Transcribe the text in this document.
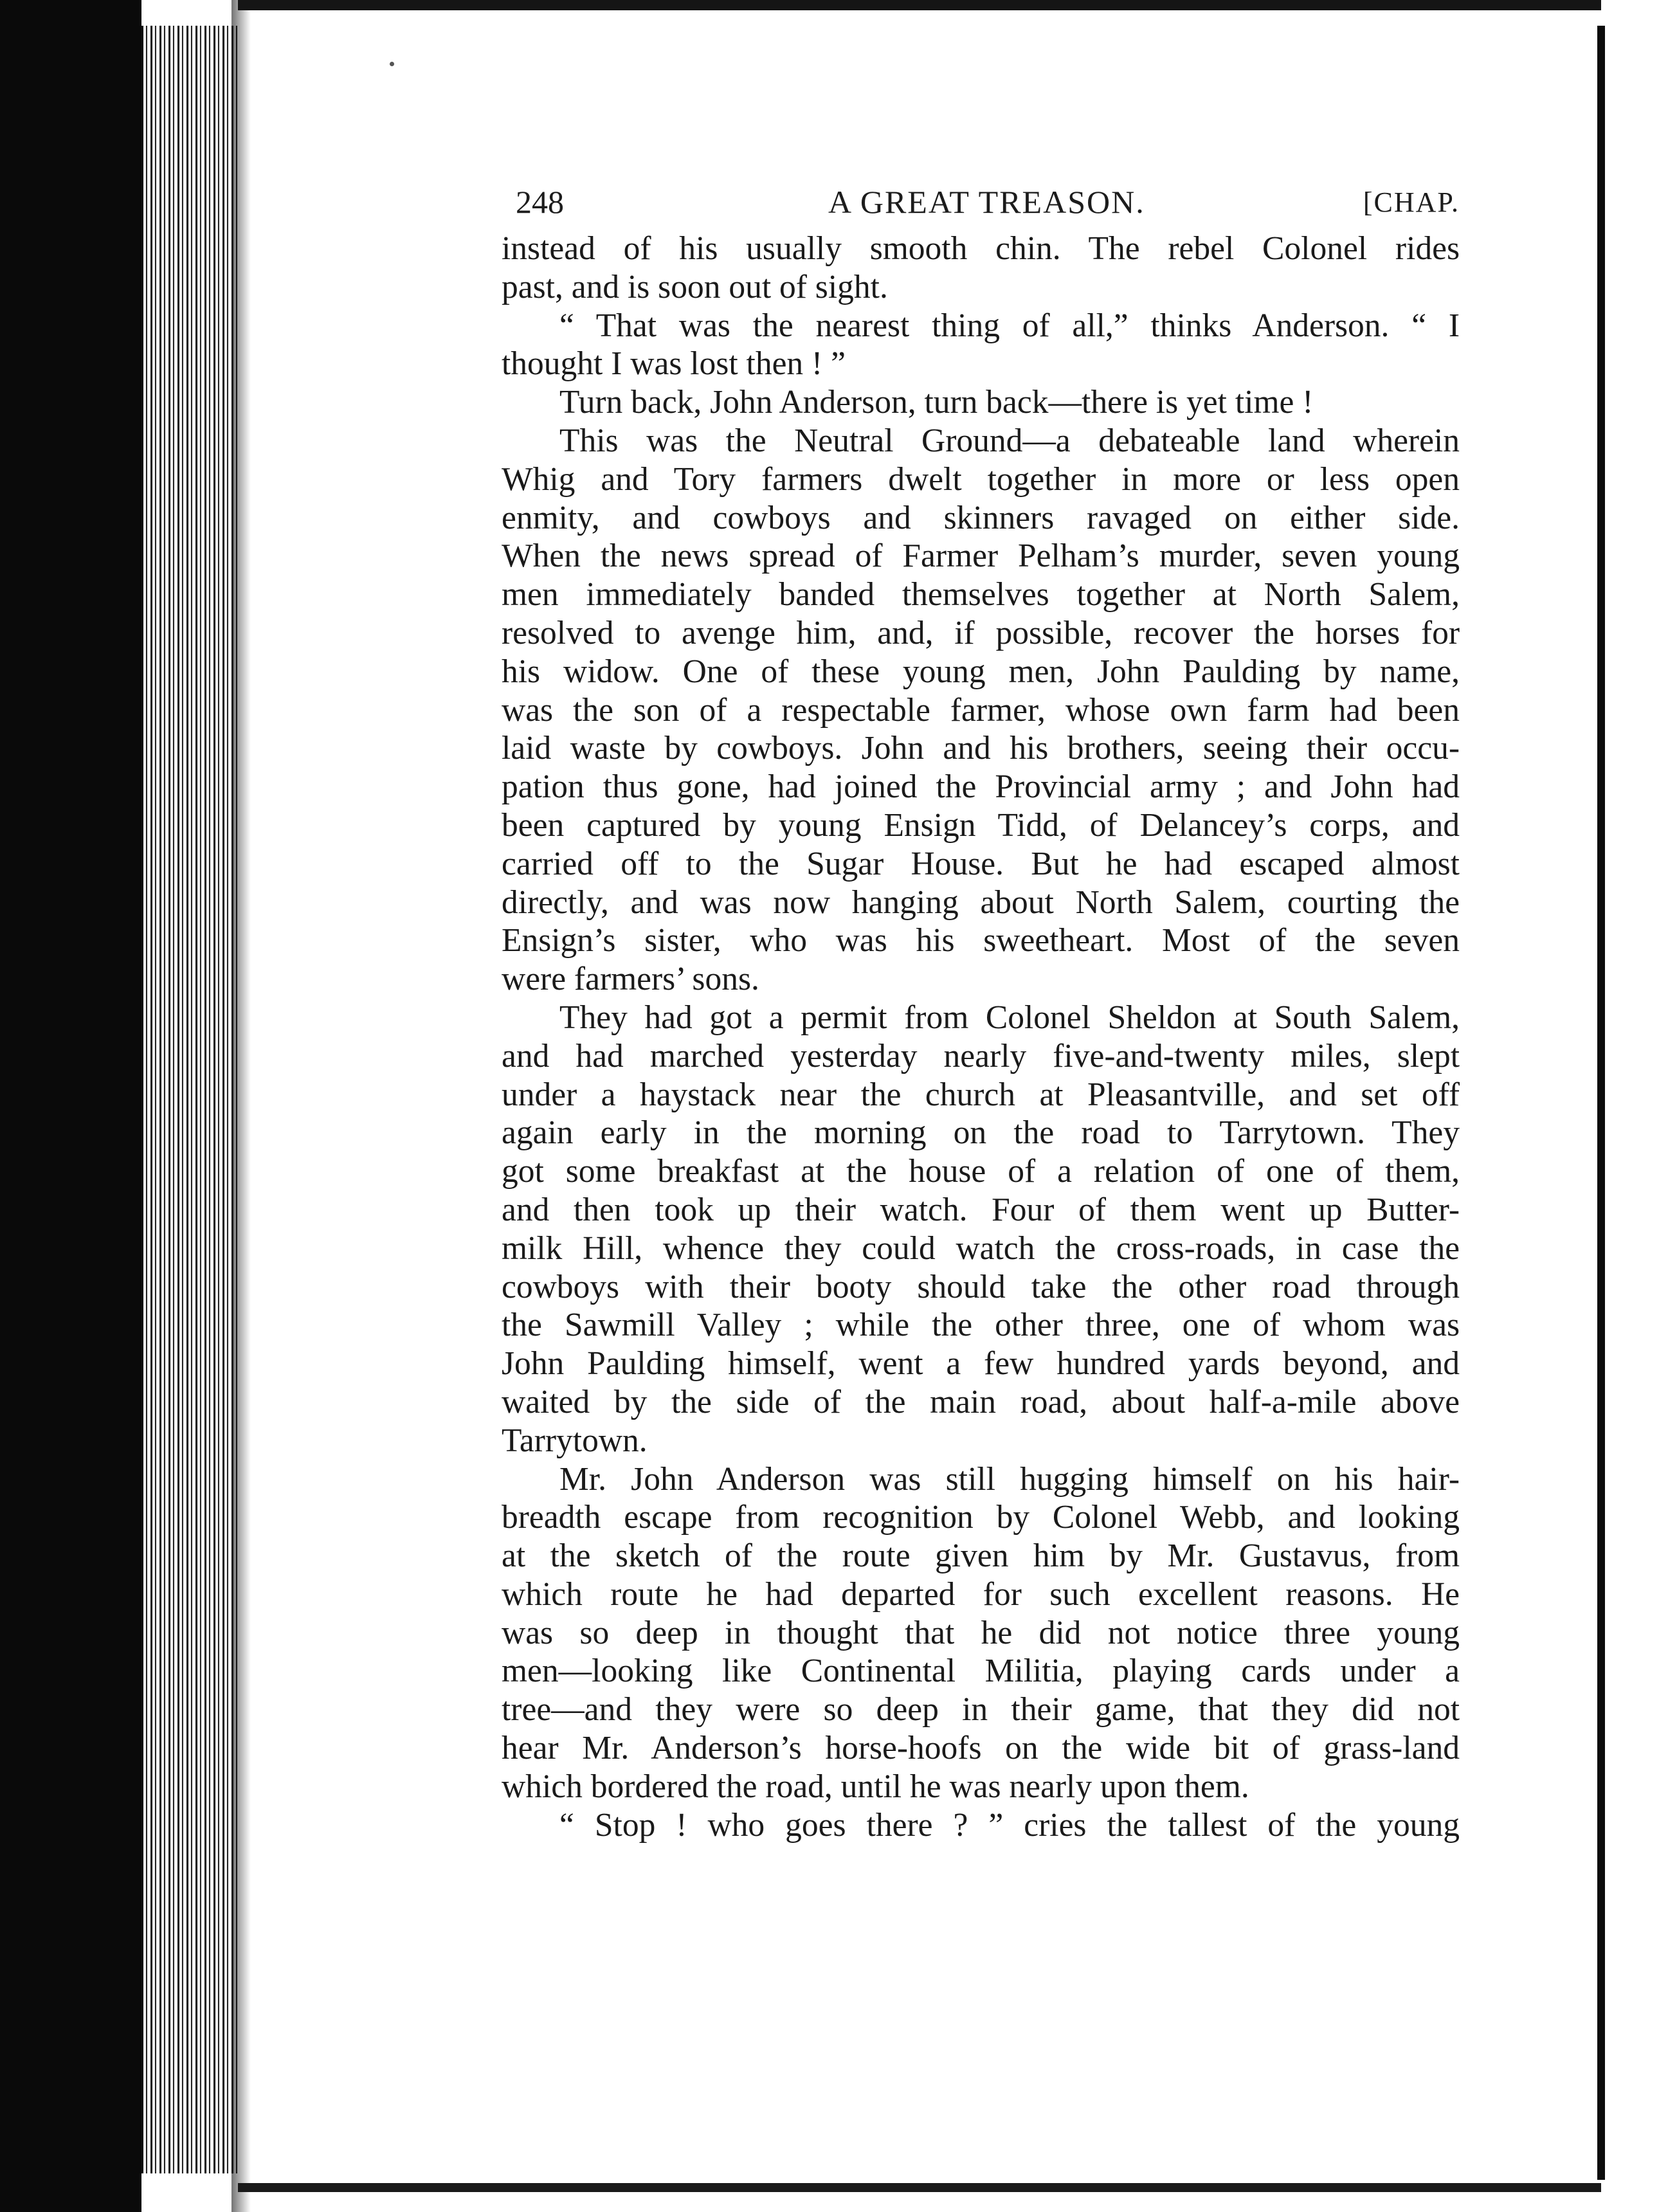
248	A GREAT TREASON.	[CHAP.
instead of his usually smooth chin. The rebel Colonel rides
past, and is soon out of sight.
“ That was the nearest thing of all,” thinks Anderson. “ I
thought I was lost then ! ”
Turn back, John Anderson, turn back—there is yet time !
This was the Neutral Ground—a debateable land wherein
Whig and Tory farmers dwelt together in more or less open
enmity, and cowboys and skinners ravaged on either side.
When the news spread of Farmer Pelham’s murder, seven young
men immediately banded themselves together at North Salem,
resolved to avenge him, and, if possible, recover the horses for
his widow. One of these young men, John Paulding by name,
was the son of a respectable farmer, whose own farm had been
laid waste by cowboys. John and his brothers, seeing their occu-
pation thus gone, had joined the Provincial army ; and John had
been captured by young Ensign Tidd, of Delancey’s corps, and
carried off to the Sugar House. But he had escaped almost
directly, and was now hanging about North Salem, courting the
Ensign’s sister, who was his sweetheart. Most of the seven
were farmers’ sons.
They had got a permit from Colonel Sheldon at South Salem,
and had marched yesterday nearly five-and-twenty miles, slept
under a haystack near the church at Pleasantville, and set off
again early in the morning on the road to Tarrytown. They
got some breakfast at the house of a relation of one of them,
and then took up their watch. Four of them went up Butter-
milk Hill, whence they could watch the cross-roads, in case the
cowboys with their booty should take the other road through
the Sawmill Valley ; while the other three, one of whom was
John Paulding himself, went a few hundred yards beyond, and
waited by the side of the main road, about half-a-mile above
Tarrytown.
Mr. John Anderson was still hugging himself on his hair-
breadth escape from recognition by Colonel Webb, and looking
at the sketch of the route given him by Mr. Gustavus, from
which route he had departed for such excellent reasons. He
was so deep in thought that he did not notice three young
men—looking like Continental Militia, playing cards under a
tree—and they were so deep in their game, that they did not
hear Mr. Anderson’s horse-hoofs on the wide bit of grass-land
which bordered the road, until he was nearly upon them.
“ Stop ! who goes there ? ” cries the tallest of the young
